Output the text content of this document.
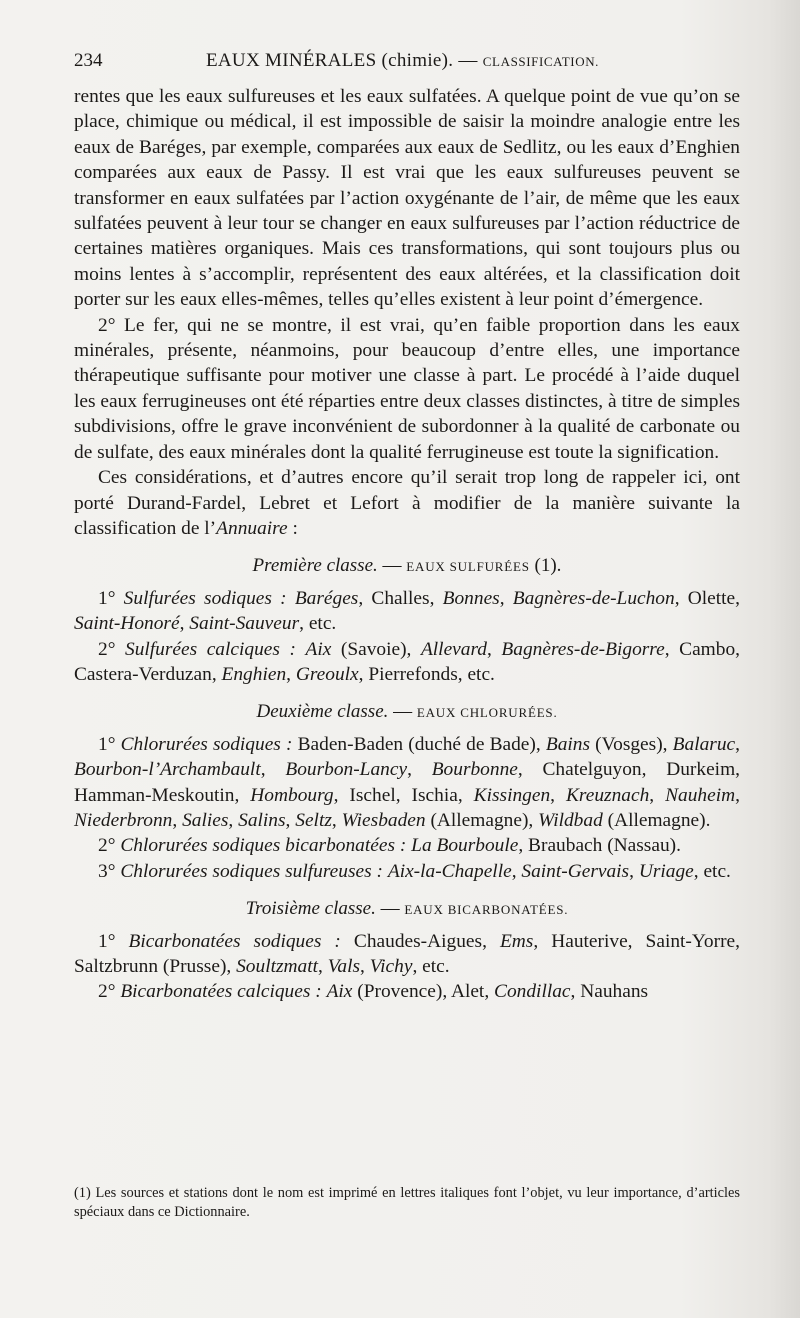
234	EAUX MINÉRALES (chimie). — CLASSIFICATION.

rentes que les eaux sulfureuses et les eaux sulfatées. A quelque point de vue qu’on se place, chimique ou médical, il est impossible de saisir la moindre analogie entre les eaux de Baréges, par exemple, comparées aux eaux de Sedlitz, ou les eaux d’Enghien comparées aux eaux de Passy. Il est vrai que les eaux sulfureuses peuvent se transformer en eaux sulfatées par l’action oxygénante de l’air, de même que les eaux sulfatées peuvent à leur tour se changer en eaux sulfureuses par l’action réductrice de certaines matières organiques. Mais ces transformations, qui sont toujours plus ou moins lentes à s’accomplir, représentent des eaux altérées, et la classification doit porter sur les eaux elles-mêmes, telles qu’elles existent à leur point d’émergence.

2° Le fer, qui ne se montre, il est vrai, qu’en faible proportion dans les eaux minérales, présente, néanmoins, pour beaucoup d’entre elles, une importance thérapeutique suffisante pour motiver une classe à part. Le procédé à l’aide duquel les eaux ferrugineuses ont été réparties entre deux classes distinctes, à titre de simples subdivisions, offre le grave inconvénient de subordonner à la qualité de carbonate ou de sulfate, des eaux minérales dont la qualité ferrugineuse est toute la signification.

Ces considérations, et d’autres encore qu’il serait trop long de rappeler ici, ont porté Durand-Fardel, Lebret et Lefort à modifier de la manière suivante la classification de l’Annuaire :

Première classe. — EAUX SULFURÉES (1).

1° Sulfurées sodiques : Baréges, Challes, Bonnes, Bagnères-de-Luchon, Olette, Saint-Honoré, Saint-Sauveur, etc.

2° Sulfurées calciques : Aix (Savoie), Allevard, Bagnères-de-Bigorre, Cambo, Castera-Verduzan, Enghien, Greoulx, Pierrefonds, etc.

Deuxième classe. — EAUX CHLORURÉES.

1° Chlorurées sodiques : Baden-Baden (duché de Bade), Bains (Vosges), Balaruc, Bourbon-l’Archambault, Bourbon-Lancy, Bourbonne, Chatelguyon, Durkeim, Hamman-Meskoutin, Hombourg, Ischel, Ischia, Kissingen, Kreuznach, Nauheim, Niederbronn, Salies, Salins, Seltz, Wiesbaden (Allemagne), Wildbad (Allemagne).

2° Chlorurées sodiques bicarbonatées : La Bourboule, Braubach (Nassau).

3° Chlorurées sodiques sulfureuses : Aix-la-Chapelle, Saint-Gervais, Uriage, etc.

Troisième classe. — EAUX BICARBONATÉES.

1° Bicarbonatées sodiques : Chaudes-Aigues, Ems, Hauterive, Saint-Yorre, Saltzbrunn (Prusse), Soultzmatt, Vals, Vichy, etc.

2° Bicarbonatées calciques : Aix (Provence), Alet, Condillac, Nauhans

(1) Les sources et stations dont le nom est imprimé en lettres italiques font l’objet, vu leur importance, d’articles spéciaux dans ce Dictionnaire.
